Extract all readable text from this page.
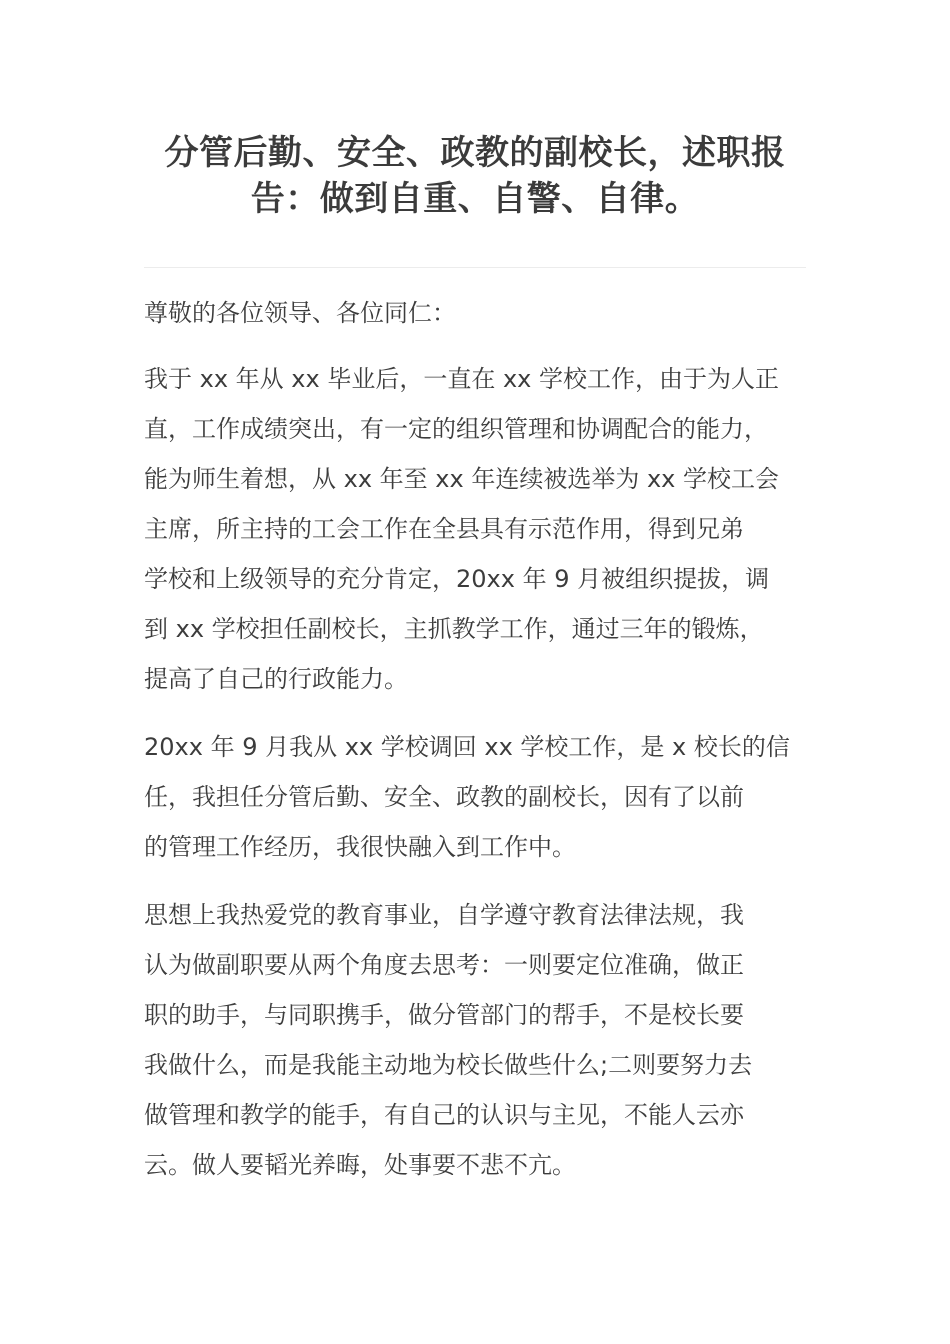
分管后勤、安全、政教的副校长，述职报
告：做到自重、自警、自律。

尊敬的各位领导、各位同仁：

我于 xx 年从 xx 毕业后，一直在 xx 学校工作，由于为人正
直，工作成绩突出，有一定的组织管理和协调配合的能力，
能为师生着想，从 xx 年至 xx 年连续被选举为 xx 学校工会
主席，所主持的工会工作在全县具有示范作用，得到兄弟
学校和上级领导的充分肯定，20xx 年 9 月被组织提拔，调
到 xx 学校担任副校长，主抓教学工作，通过三年的锻炼，
提高了自己的行政能力。

20xx 年 9 月我从 xx 学校调回 xx 学校工作，是 x 校长的信
任，我担任分管后勤、安全、政教的副校长，因有了以前
的管理工作经历，我很快融入到工作中。

思想上我热爱党的教育事业，自学遵守教育法律法规，我
认为做副职要从两个角度去思考：一则要定位准确，做正
职的助手，与同职携手，做分管部门的帮手，不是校长要
我做什么，而是我能主动地为校长做些什么;二则要努力去
做管理和教学的能手，有自己的认识与主见，不能人云亦
云。做人要韬光养晦，处事要不悲不亢。
